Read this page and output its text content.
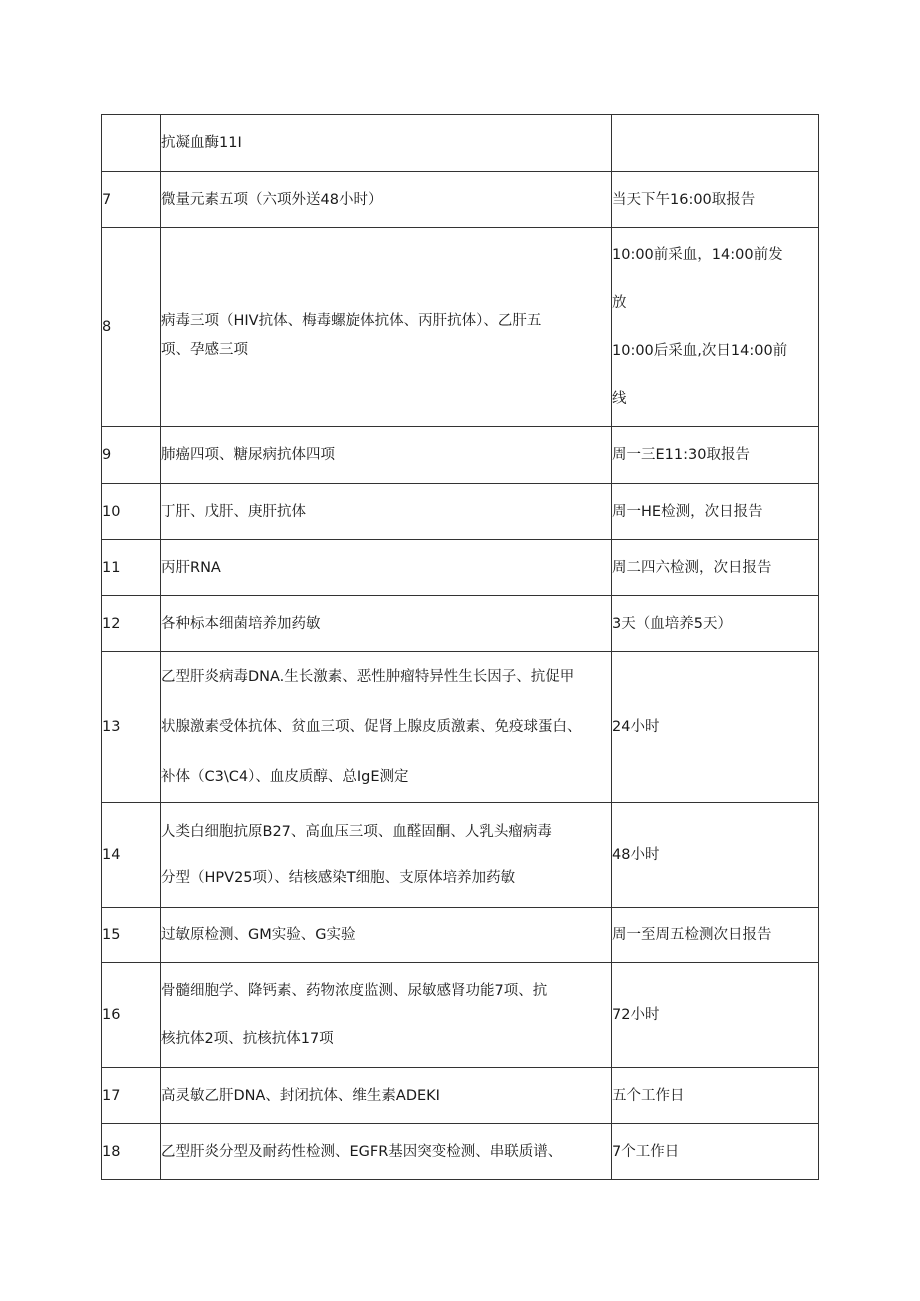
	抗凝血酶11I	

7	微量元素五项（六项外送48小时）	当天下午16:00取报告

8	病毒三项（HIV抗体、梅毒螺旋体抗体、丙肝抗体）、乙肝五
项、孕感三项	10:00前采血，14:00前发
放
10:00后采血,次日14:00前
线

9	肺癌四项、糖尿病抗体四项	周一三E11:30取报告

10	丁肝、戊肝、庚肝抗体	周一HE检测，次日报告

11	丙肝RNA	周二四六检测，次日报告

12	各种标本细菌培养加药敏	3天（血培养5天）

13	乙型肝炎病毒DNA.生长激素、恶性肿瘤特异性生长因子、抗促甲
状腺激素受体抗体、贫血三项、促肾上腺皮质激素、免疫球蛋白、
补体（C3\C4）、血皮质醇、总IgE测定	24小时

14	人类白细胞抗原B27、高血压三项、血醛固酮、人乳头瘤病毒
分型（HPV25项）、结核感染T细胞、支原体培养加药敏	48小时

15	过敏原检测、GM实验、G实验	周一至周五检测次日报告

16	骨髓细胞学、降钙素、药物浓度监测、尿敏感肾功能7项、抗
核抗体2项、抗核抗体17项	72小时

17	高灵敏乙肝DNA、封闭抗体、维生素ADEKI	五个工作日

18	乙型肝炎分型及耐药性检测、EGFR基因突变检测、串联质谱、	7个工作日
